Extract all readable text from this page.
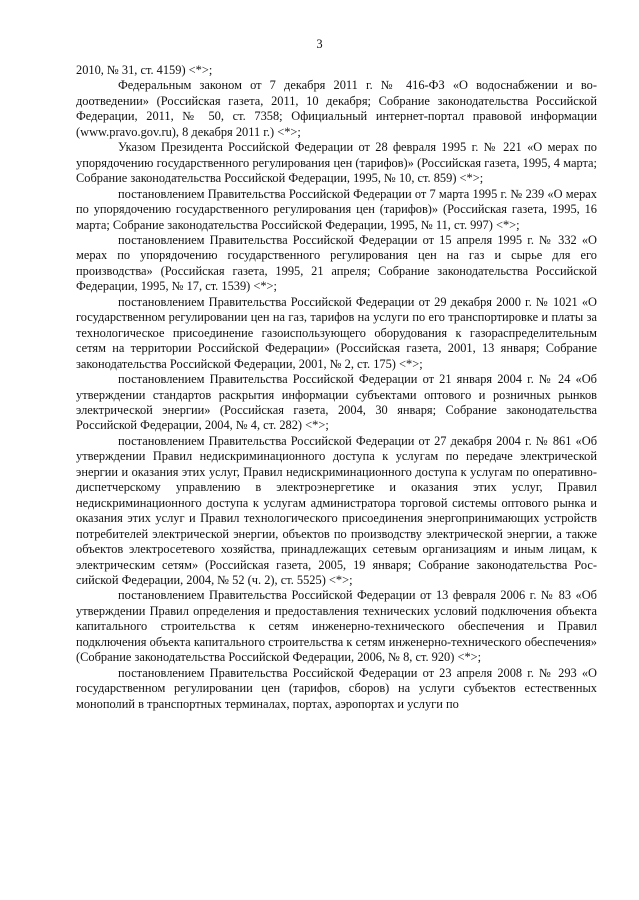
3

2010, № 31, ст. 4159) <*>;

Федеральным законом от 7 декабря 2011 г. № 416-ФЗ «О водоснабжении и водоотведении» (Российская газета, 2011, 10 декабря; Собрание законодательства Российской Федерации, 2011, № 50, ст. 7358; Официальный интернет-портал правовой информации (www.pravo.gov.ru), 8 декабря 2011 г.) <*>;

Указом Президента Российской Федерации от 28 февраля 1995 г. № 221 «О мерах по упорядочению государственного регулирования цен (тарифов)» (Российская газета, 1995, 4 марта; Собрание законодательства Российской Федерации, 1995, № 10, ст. 859) <*>;

постановлением Правительства Российской Федерации от 7 марта 1995 г. № 239 «О мерах по упорядочению государственного регулирования цен (тарифов)» (Российская газета, 1995, 16 марта; Собрание законодательства Российской Федерации, 1995, № 11, ст. 997) <*>;

постановлением Правительства Российской Федерации от 15 апреля 1995 г. № 332 «О мерах по упорядочению государственного регулирования цен на газ и сырье для его производства» (Российская газета, 1995, 21 апреля; Собрание законодательства Российской Федерации, 1995, № 17, ст. 1539) <*>;

постановлением Правительства Российской Федерации от 29 декабря 2000 г. № 1021 «О государственном регулировании цен на газ, тарифов на услуги по его транспортировке и платы за технологическое присоединение газоиспользующего оборудования к газораспределительным сетям на территории Российской Федерации» (Российская газета, 2001, 13 января; Собрание законодательства Российской Федерации, 2001, № 2, ст. 175) <*>;

постановлением Правительства Российской Федерации от 21 января 2004 г. № 24 «Об утверждении стандартов раскрытия информации субъектами оптового и розничных рынков электрической энергии» (Российская газета, 2004, 30 января; Собрание законодательства Российской Федерации, 2004, № 4, ст. 282) <*>;

постановлением Правительства Российской Федерации от 27 декабря 2004 г. № 861 «Об утверждении Правил недискриминационного доступа к услугам по передаче электрической энергии и оказания этих услуг, Правил недискриминационного доступа к услугам по оперативно-диспетчерскому управлению в электроэнергетике и оказания этих услуг, Правил недискриминационного доступа к услугам администратора торговой системы оптового рынка и оказания этих услуг и Правил технологического присоединения энергопринимающих устройств потребителей электрической энергии, объектов по производству электрической энергии, а также объектов электросетевого хозяйства, принадлежащих сетевым организациям и иным лицам, к электрическим сетям» (Российская газета, 2005, 19 января; Собрание законодательства Российской Федерации, 2004, № 52 (ч. 2), ст. 5525) <*>;

постановлением Правительства Российской Федерации от 13 февраля 2006 г. № 83 «Об утверждении Правил определения и предоставления технических условий подключения объекта капитального строительства к сетям инженерно-технического обеспечения и Правил подключения объекта капитального строительства к сетям инженерно-технического обеспечения» (Собрание законодательства Российской Федерации, 2006, № 8, ст. 920) <*>;

постановлением Правительства Российской Федерации от 23 апреля 2008 г. № 293 «О государственном регулировании цен (тарифов, сборов) на услуги субъектов естественных монополий в транспортных терминалах, портах, аэропортах и услуги по
